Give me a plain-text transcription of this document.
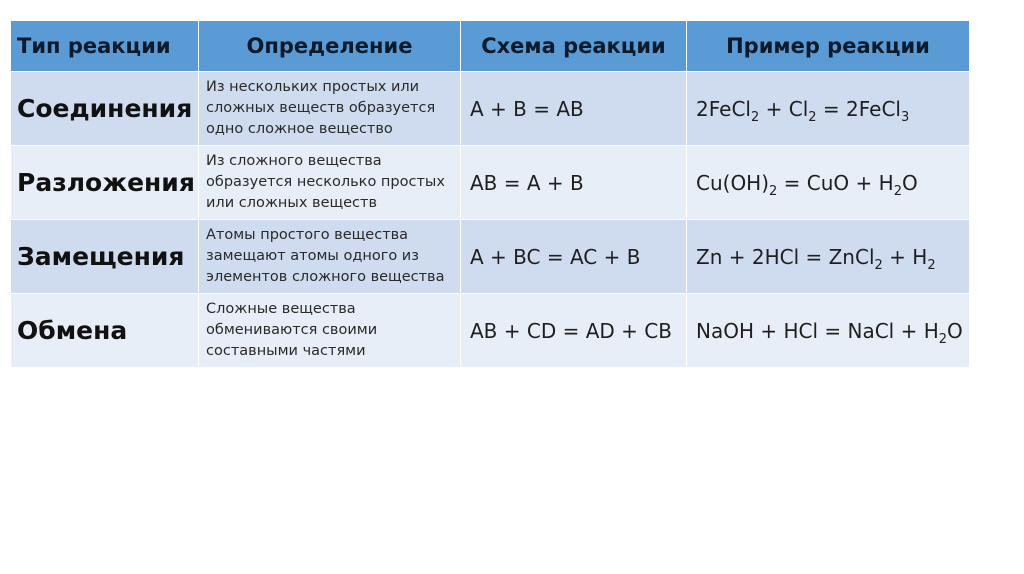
Тип реакции	Определение	Схема реакции	Пример реакции
Соединения	Из нескольких простых или сложных веществ образуется одно сложное вещество	A + B = AB	2FeCl$_2$ + $Cl_2$ = 2FeCl$_3$
Разложения	Из сложного вещества образуется несколько простых или сложных веществ	AB = A + B	$Cu(OH)_2$ = CuO + $H_2O$
Замещения	Атомы простого вещества замещают атомы одного из элементов сложного вещества	A + BC = AC + B	Zn + 2HCl = ZnCl$_2$ + $H_2$
Обмена	Сложные вещества обмениваются своими составными частями	AB + CD = AD + CB	NaOH + HCl = NaCl + $H_2O$
